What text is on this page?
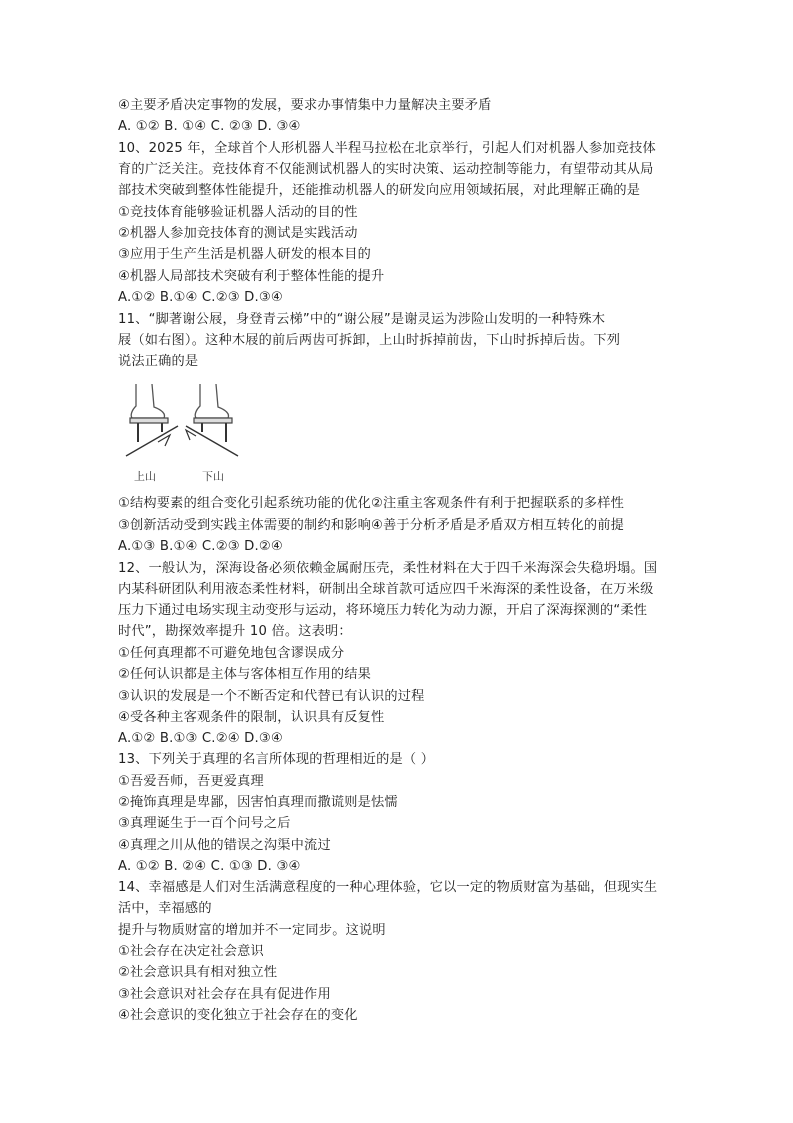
④主要矛盾决定事物的发展，要求办事情集中力量解决主要矛盾
A. ①② B. ①④ C. ②③ D. ③④
10、2025 年，全球首个人形机器人半程马拉松在北京举行，引起人们对机器人参加竞技体
育的广泛关注。竞技体育不仅能测试机器人的实时决策、运动控制等能力，有望带动其从局
部技术突破到整体性能提升，还能推动机器人的研发向应用领域拓展，对此理解正确的是
①竞技体育能够验证机器人活动的目的性
②机器人参加竞技体育的测试是实践活动
③应用于生产生活是机器人研发的根本目的
④机器人局部技术突破有利于整体性能的提升
A.①② B.①④ C.②③ D.③④
11、“脚著谢公屐，身登青云梯”中的“谢公屐”是谢灵运为涉险山发明的一种特殊木
屐（如右图）。这种木屐的前后两齿可拆卸，上山时拆掉前齿，下山时拆掉后齿。下列
说法正确的是
①结构要素的组合变化引起系统功能的优化②注重主客观条件有利于把握联系的多样性
③创新活动受到实践主体需要的制约和影响④善于分析矛盾是矛盾双方相互转化的前提
A.①③ B.①④ C.②③ D.②④
12、一般认为，深海设备必须依赖金属耐压壳，柔性材料在大于四千米海深会失稳坍塌。国
内某科研团队利用液态柔性材料，研制出全球首款可适应四千米海深的柔性设备，在万米级
压力下通过电场实现主动变形与运动，将环境压力转化为动力源，开启了深海探测的“柔性
时代”，勘探效率提升 10 倍。这表明：
①任何真理都不可避免地包含谬误成分
②任何认识都是主体与客体相互作用的结果
③认识的发展是一个不断否定和代替已有认识的过程
④受各种主客观条件的限制，认识具有反复性
A.①② B.①③ C.②④ D.③④
13、下列关于真理的名言所体现的哲理相近的是（ ）
①吾爱吾师，吾更爱真理
②掩饰真理是卑鄙，因害怕真理而撒谎则是怯懦
③真理诞生于一百个问号之后
④真理之川从他的错误之沟渠中流过
A. ①② B. ②④ C. ①③ D. ③④
14、幸福感是人们对生活满意程度的一种心理体验，它以一定的物质财富为基础，但现实生
活中，幸福感的
提升与物质财富的增加并不一定同步。这说明
①社会存在决定社会意识
②社会意识具有相对独立性
③社会意识对社会存在具有促进作用
④社会意识的变化独立于社会存在的变化
上山	下山
